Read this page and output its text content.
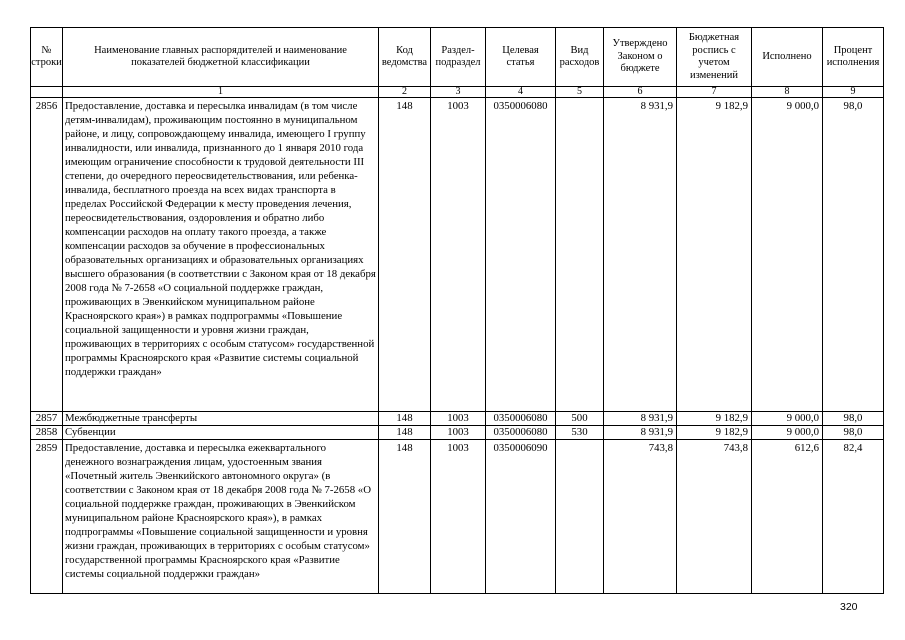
№ строки	Наименование главных распорядителей и наименование показателей бюджетной классификации	Код ведомства	Раздел-подраздел	Целевая статья	Вид расходов	Утверждено Законом о бюджете	Бюджетная роспись с учетом изменений	Исполнено	Процент исполнения
	1	2	3	4	5	6	7	8	9
2856	Предоставление, доставка и пересылка инвалидам (в том числе детям-инвалидам), проживающим постоянно в муниципальном районе, и лицу, сопровождающему инвалида, имеющего I группу инвалидности, или инвалида, признанного до 1 января 2010 года имеющим ограничение способности к трудовой деятельности III степени, до очередного переосвидетельствования, или ребенка-инвалида, бесплатного проезда на всех видах транспорта в пределах Российской Федерации к месту проведения лечения, переосвидетельствования, оздоровления и обратно либо компенсации расходов на оплату такого проезда, а также компенсации расходов за обучение в профессиональных образовательных организациях и образовательных организациях высшего образования (в соответствии с Законом края от 18 декабря 2008 года № 7-2658 «О социальной поддержке граждан, проживающих в Эвенкийском муниципальном районе Красноярского края») в рамках подпрограммы «Повышение социальной защищенности и уровня жизни граждан, проживающих в территориях с особым статусом» государственной программы Красноярского края «Развитие системы социальной поддержки граждан»	148	1003	0350006080		8 931,9	9 182,9	9 000,0	98,0
2857	Межбюджетные трансферты	148	1003	0350006080	500	8 931,9	9 182,9	9 000,0	98,0
2858	Субвенции	148	1003	0350006080	530	8 931,9	9 182,9	9 000,0	98,0
2859	Предоставление, доставка и пересылка ежеквартального денежного вознаграждения лицам, удостоенным звания «Почетный житель Эвенкийского автономного округа» (в соответствии с Законом края от 18 декабря 2008 года № 7-2658 «О социальной поддержке граждан, проживающих в Эвенкийском муниципальном районе Красноярского края»), в рамках подпрограммы «Повышение социальной защищенности и уровня жизни граждан, проживающих в территориях с особым статусом» государственной программы Красноярского края «Развитие системы социальной поддержки граждан»	148	1003	0350006090		743,8	743,8	612,6	82,4
320
